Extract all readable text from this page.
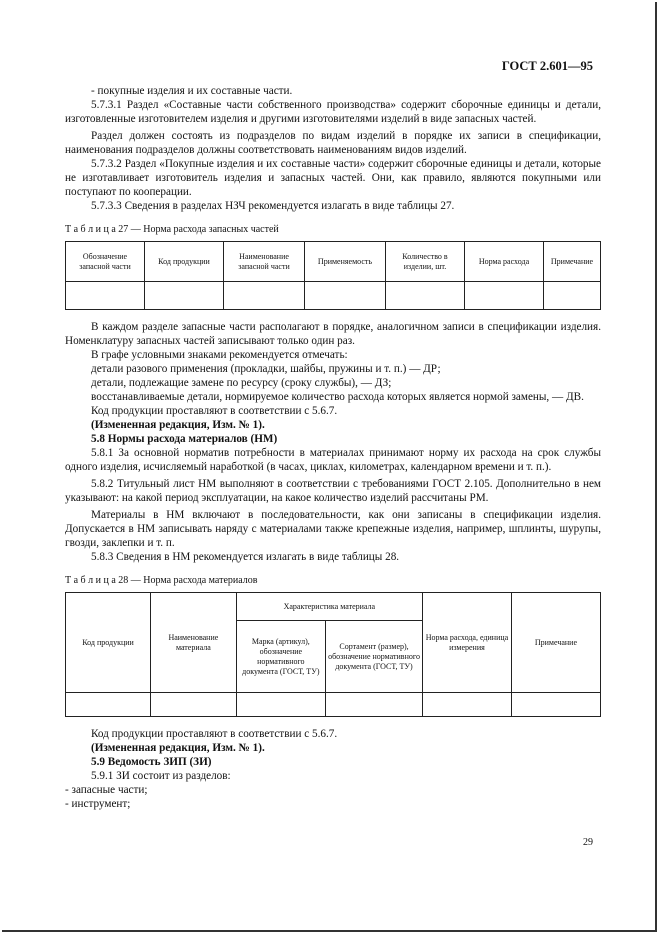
ГОСТ 2.601—95

- покупные изделия и их составные части.

5.7.3.1 Раздел «Составные части собственного производства» содержит сборочные единицы и детали, изготовленные изготовителем изделия и другими изготовителями изделий в виде запасных частей.

Раздел должен состоять из подразделов по видам изделий в порядке их записи в спецификации, наименования подразделов должны соответствовать наименованиям видов изделий.

5.7.3.2 Раздел «Покупные изделия и их составные части» содержит сборочные единицы и детали, которые не изготавливает изготовитель изделия и запасных частей. Они, как правило, являются покупными или поступают по кооперации.

5.7.3.3 Сведения в разделах НЗЧ рекомендуется излагать в виде таблицы 27.

Т а б л и ц а 27 — Норма расхода запасных частей

Обозначение запасной части	Код продукции	Наименование запасной части	Применяемость	Количество в изделии, шт.	Норма расхода	Примечание

В каждом разделе запасные части располагают в порядке, аналогичном записи в спецификации изделия. Номенклатуру запасных частей записывают только один раз.

В графе условными знаками рекомендуется отмечать:

детали разового применения (прокладки, шайбы, пружины и т. п.) — ДР;

детали, подлежащие замене по ресурсу (сроку службы), — ДЗ;

восстанавливаемые детали, нормируемое количество расхода которых является нормой замены, — ДВ.

Код продукции проставляют в соответствии с 5.6.7.

(Измененная редакция, Изм. № 1).

5.8 Нормы расхода материалов (НМ)

5.8.1 За основной норматив потребности в материалах принимают норму их расхода на срок службы одного изделия, исчисляемый наработкой (в часах, циклах, километрах, календарном времени и т. п.).

5.8.2 Титульный лист НМ выполняют в соответствии с требованиями ГОСТ 2.105. Дополнительно в нем указывают: на какой период эксплуатации, на какое количество изделий рассчитаны РМ.

Материалы в НМ включают в последовательности, как они записаны в спецификации изделия. Допускается в НМ записывать наряду с материалами также крепежные изделия, например, шплинты, шурупы, гвозди, заклепки и т. п.

5.8.3 Сведения в НМ рекомендуется излагать в виде таблицы 28.

Т а б л и ц а 28 — Норма расхода материалов

Код продукции	Наименование материала	Характеристика материала		Норма расхода, единица измерения	Примечание
		Марка (артикул), обозначение нормативного документа (ГОСТ, ТУ)	Сортамент (размер), обозначение нормативного документа (ГОСТ, ТУ)		

Код продукции проставляют в соответствии с 5.6.7.

(Измененная редакция, Изм. № 1).

5.9 Ведомость ЗИП (ЗИ)

5.9.1 ЗИ состоит из разделов:

- запасные части;

- инструмент;

29
